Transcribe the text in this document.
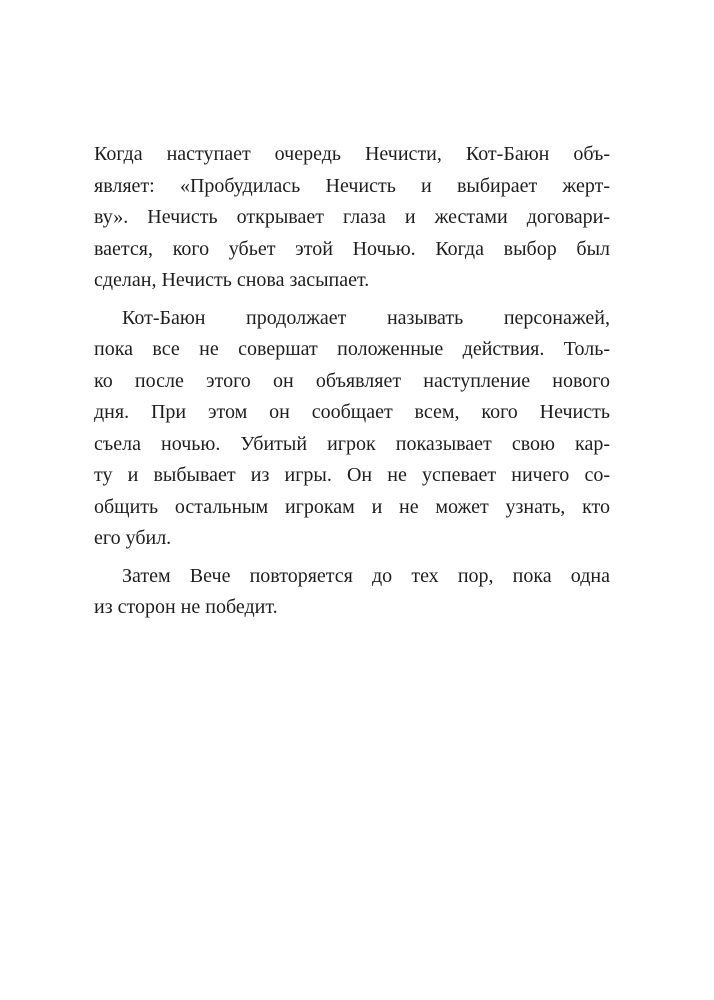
Когда наступает очередь Нечисти, Кот-Баюн объ-
являет: «Пробудилась Нечисть и выбирает жерт-
ву». Нечисть открывает глаза и жестами договари-
вается, кого убьет этой Ночью. Когда выбор был
сделан, Нечисть снова засыпает.

Кот-Баюн продолжает называть персонажей,
пока все не совершат положенные действия. Толь-
ко после этого он объявляет наступление нового
дня. При этом он сообщает всем, кого Нечисть
съела ночью. Убитый игрок показывает свою кар-
ту и выбывает из игры. Он не успевает ничего со-
общить остальным игрокам и не может узнать, кто
его убил.

Затем Вече повторяется до тех пор, пока одна
из сторон не победит.
